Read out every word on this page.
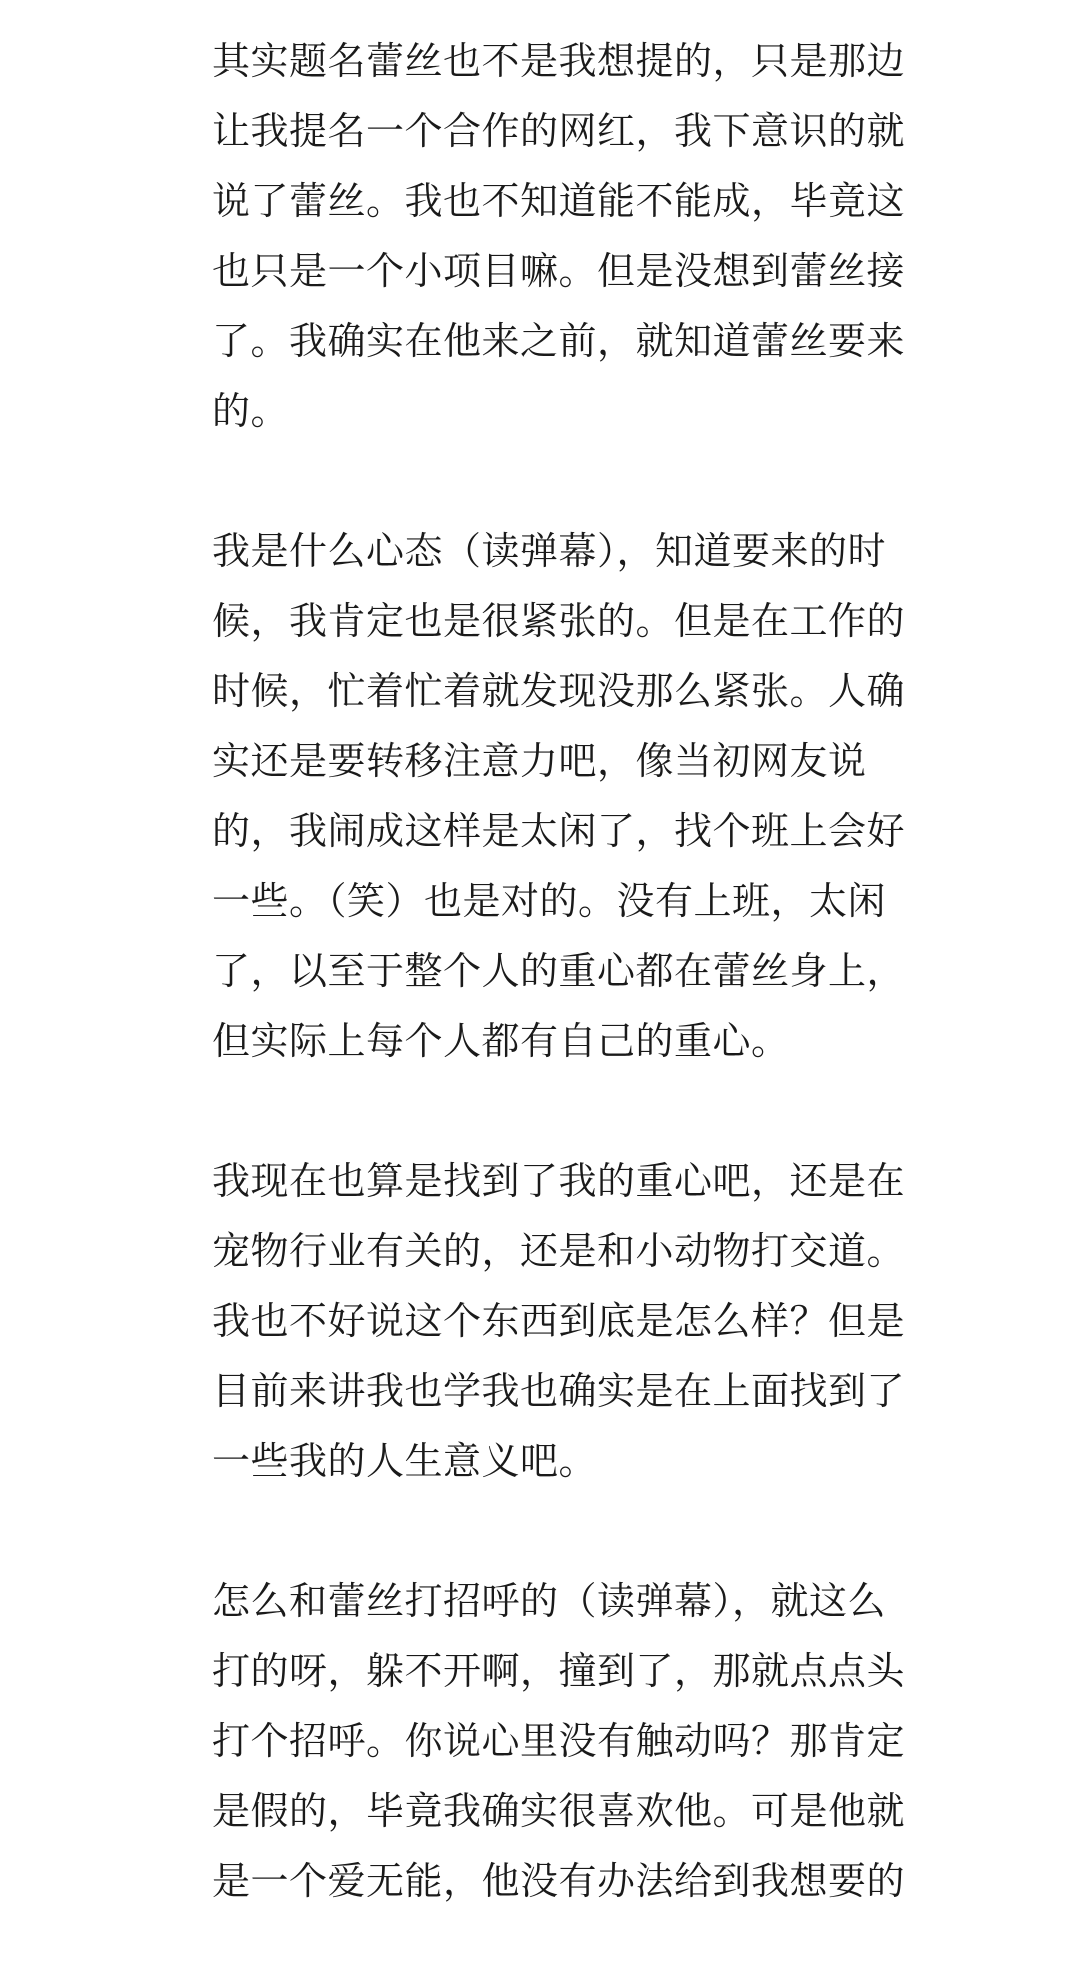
其实题名蕾丝也不是我想提的，只是那边
让我提名一个合作的网红，我下意识的就
说了蕾丝。我也不知道能不能成，毕竟这
也只是一个小项目嘛。但是没想到蕾丝接
了。我确实在他来之前，就知道蕾丝要来
的。
我是什么心态（读弹幕），知道要来的时
候，我肯定也是很紧张的。但是在工作的
时候，忙着忙着就发现没那么紧张。人确
实还是要转移注意力吧，像当初网友说
的，我闹成这样是太闲了，找个班上会好
一些。（笑）也是对的。没有上班，太闲
了，以至于整个人的重心都在蕾丝身上，
但实际上每个人都有自己的重心。
我现在也算是找到了我的重心吧，还是在
宠物行业有关的，还是和小动物打交道。
我也不好说这个东西到底是怎么样？但是
目前来讲我也学我也确实是在上面找到了
一些我的人生意义吧。
怎么和蕾丝打招呼的（读弹幕），就这么
打的呀，躲不开啊，撞到了，那就点点头
打个招呼。你说心里没有触动吗？那肯定
是假的，毕竟我确实很喜欢他。可是他就
是一个爱无能，他没有办法给到我想要的
